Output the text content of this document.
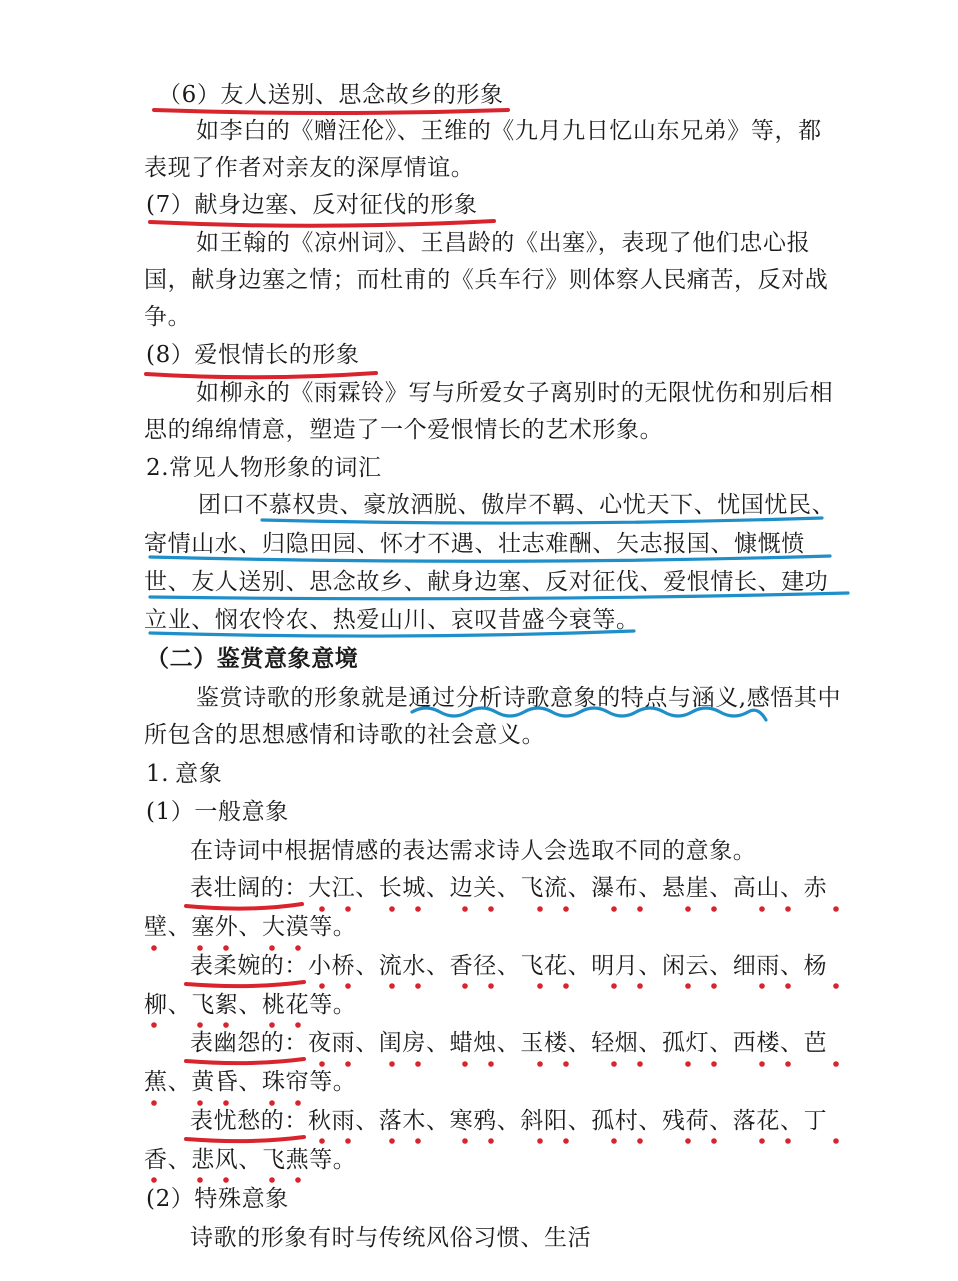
（6）友人送别、思念故乡的形象
如李白的《赠汪伦》、王维的《九月九日忆山东兄弟》等，都
表现了作者对亲友的深厚情谊。
(7）献身边塞、反对征伐的形象
如王翰的《凉州词》、王昌龄的《出塞》，表现了他们忠心报
国，献身边塞之情；而杜甫的《兵车行》则体察人民痛苦，反对战
争。
(8）爱恨情长的形象
如柳永的《雨霖铃》写与所爱女子离别时的无限忧伤和别后相
思的绵绵情意，塑造了一个爱恨情长的艺术形象。
2.常见人物形象的词汇
团口不慕权贵、豪放洒脱、傲岸不羁、心忧天下、忧国忧民、
寄情山水、归隐田园、怀才不遇、壮志难酬、矢志报国、慷慨愤
世、友人送别、思念故乡、献身边塞、反对征伐、爱恨情长、建功
立业、悯农怜农、热爱山川、哀叹昔盛今衰等。
（二）鉴赏意象意境
鉴赏诗歌的形象就是通过分析诗歌意象的特点与涵义,感悟其中
所包含的思想感情和诗歌的社会意义。
1. 意象
(1）一般意象
在诗词中根据情感的表达需求诗人会选取不同的意象。
表壮阔的：大江、长城、边关、飞流、瀑布、悬崖、高山、赤
壁、塞外、大漠等。
表柔婉的：小桥、流水、香径、飞花、明月、闲云、细雨、杨
柳、飞絮、桃花等。
表幽怨的：夜雨、闺房、蜡烛、玉楼、轻烟、孤灯、西楼、芭
蕉、黄昏、珠帘等。
表忧愁的：秋雨、落木、寒鸦、斜阳、孤村、残荷、落花、丁
香、悲风、飞燕等。
(2）特殊意象
诗歌的形象有时与传统风俗习惯、生活
